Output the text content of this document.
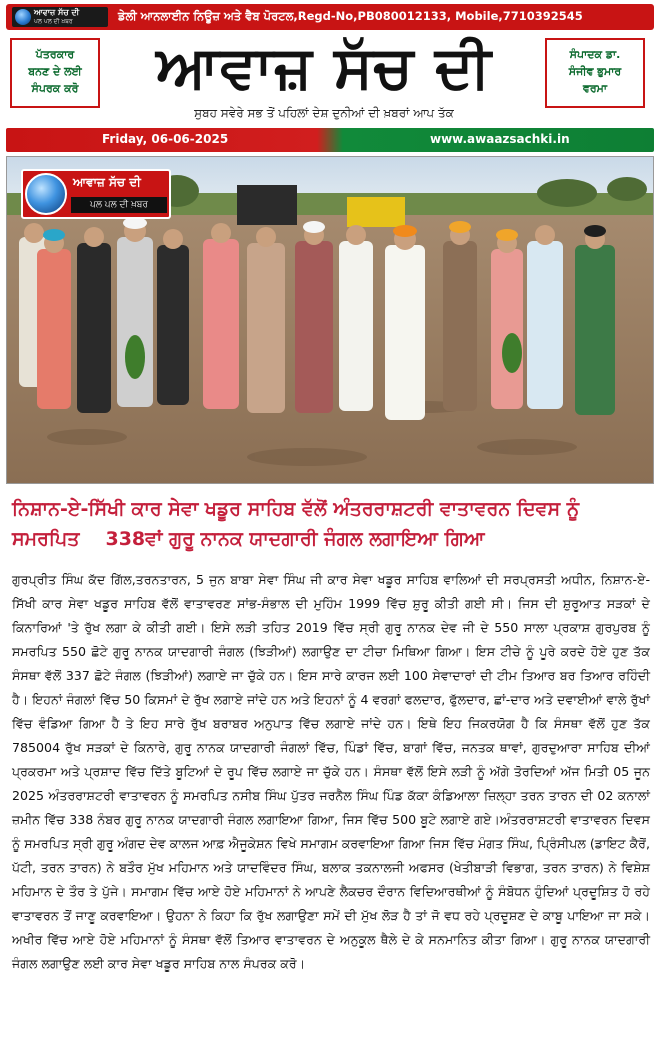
ਆਵਾਜ਼ ਸੱਚ ਦੀ
ਪਲ ਪਲ ਦੀ ਖ਼ਬਰ	ਡੇਲੀ ਆਨਲਾਈਨ ਨਿਊਜ਼ ਅਤੇ ਵੈਬ ਪੋਰਟਲ,Regd-No,PB080012133, Mobile,7710392545
ਪੱਤਰਕਾਰ
ਬਨਣ ਦੇ ਲਈ
ਸੰਪਰਕ ਕਰੋ	ਆਵਾਜ਼ ਸੱਚ ਦੀ	ਸੰਪਾਦਕ ਡਾ.
ਸੰਜੀਵ ਭੁਮਾਰ
ਵਰਮਾ
ਸੁਬਹ ਸਵੇਰੇ ਸਭ ਤੋਂ ਪਹਿਲਾਂ ਦੇਸ਼ ਦੁਨੀਆਂ ਦੀ ਖ਼ਬਰਾਂ ਆਪ ਤੱਕ
Friday, 06-06-2025	www.awaazsachki.in
ਆਵਾਜ਼ ਸੱਚ ਦੀ
ਪਲ ਪਲ ਦੀ ਖ਼ਬਰ
ਨਿਸ਼ਾਨ-ਏ-ਸਿੱਖੀ ਕਾਰ ਸੇਵਾ ਖਡੂਰ ਸਾਹਿਬ ਵੱਲੋਂ ਅੰਤਰਰਾਸ਼ਟਰੀ ਵਾਤਾਵਰਨ ਦਿਵਸ ਨੂੰ
ਸਮਰਪਿਤ 338ਵਾਂ ਗੁਰੂ ਨਾਨਕ ਯਾਦਗਾਰੀ ਜੰਗਲ ਲਗਾਇਆ ਗਿਆ
ਗੁਰਪ੍ਰੀਤ ਸਿੰਘ ਕੱਦ ਗਿੱਲ,ਤਰਨਤਾਰਨ, 5 ਜੁਨ ਬਾਬਾ ਸੇਵਾ ਸਿੰਘ ਜੀ ਕਾਰ ਸੇਵਾ ਖਡੂਰ ਸਾਹਿਬ ਵਾਲਿਆਂ ਦੀ ਸਰਪ੍ਰਸਤੀ ਅਧੀਨ, ਨਿਸ਼ਾਨ-ਏ-ਸਿੱਖੀ ਕਾਰ ਸੇਵਾ ਖਡੂਰ ਸਾਹਿਬ ਵੱਲੋਂ ਵਾਤਾਵਰਣ ਸਾਂਭ-ਸੰਭਾਲ ਦੀ ਮੁਹਿੰਮ 1999 ਵਿੱਚ ਸ਼ੁਰੂ ਕੀਤੀ ਗਈ ਸੀ। ਜਿਸ ਦੀ ਸ਼ੁਰੂਆਤ ਸੜਕਾਂ ਦੇ ਕਿਨਾਰਿਆਂ 'ਤੇ ਰੁੱਖ ਲਗਾ ਕੇ ਕੀਤੀ ਗਈ। ਇਸੇ ਲੜੀ ਤਹਿਤ 2019 ਵਿੱਚ ਸ੍ਰੀ ਗੁਰੂ ਨਾਨਕ ਦੇਵ ਜੀ ਦੇ 550 ਸਾਲਾ ਪ੍ਰਕਾਸ਼ ਗੁਰਪੁਰਬ ਨੂੰ ਸਮਰਪਿਤ 550 ਛੋਟੇ ਗੁਰੂ ਨਾਨਕ ਯਾਦਗਾਰੀ ਜੰਗਲ (ਝਿੜੀਆਂ) ਲਗਾਉਣ ਦਾ ਟੀਚਾ ਮਿਥਿਆ ਗਿਆ। ਇਸ ਟੀਚੇ ਨੂੰ ਪੂਰੇ ਕਰਦੇ ਹੋਏ ਹੁਣ ਤੱਕ ਸੰਸਥਾ ਵੱਲੋਂ 337 ਛੋਟੇ ਜੰਗਲ (ਝਿੜੀਆਂ) ਲਗਾਏ ਜਾ ਚੁੱਕੇ ਹਨ। ਇਸ ਸਾਰੇ ਕਾਰਜ ਲਈ 100 ਸੇਵਾਦਾਰਾਂ ਦੀ ਟੀਮ ਤਿਆਰ ਬਰ ਤਿਆਰ ਰਹਿੰਦੀ ਹੈ। ਇਹਨਾਂ ਜੰਗਲਾਂ ਵਿੱਚ 50 ਕਿਸਮਾਂ ਦੇ ਰੁੱਖ ਲਗਾਏ ਜਾਂਦੇ ਹਨ ਅਤੇ ਇਹਨਾਂ ਨੂੰ 4 ਵਰਗਾਂ ਫਲਦਾਰ, ਫੁੱਲਦਾਰ, ਛਾਂ-ਦਾਰ ਅਤੇ ਦਵਾਈਆਂ ਵਾਲੇ ਰੁੱਖਾਂ ਵਿੱਚ ਵੰਡਿਆ ਗਿਆ ਹੈ ਤੇ ਇਹ ਸਾਰੇ ਰੁੱਖ ਬਰਾਬਰ ਅਨੁਪਾਤ ਵਿੱਚ ਲਗਾਏ ਜਾਂਦੇ ਹਨ। ਇਥੇ ਇਹ ਜਿਕਰਯੋਗ ਹੈ ਕਿ ਸੰਸਥਾ ਵੱਲੋਂ ਹੁਣ ਤੱਕ 785004 ਰੁੱਖ ਸੜਕਾਂ ਦੇ ਕਿਨਾਰੇ, ਗੁਰੂ ਨਾਨਕ ਯਾਦਗਾਰੀ ਜੰਗਲਾਂ ਵਿੱਚ, ਪਿੰਡਾਂ ਵਿੱਚ, ਬਾਗਾਂ ਵਿੱਚ, ਜਨਤਕ ਥਾਵਾਂ, ਗੁਰਦੁਆਰਾ ਸਾਹਿਬ ਦੀਆਂ ਪ੍ਰਕਰਮਾ ਅਤੇ ਪ੍ਰਸ਼ਾਦ ਵਿੱਚ ਦਿੱਤੇ ਬੂਟਿਆਂ ਦੇ ਰੂਪ ਵਿੱਚ ਲਗਾਏ ਜਾ ਚੁੱਕੇ ਹਨ। ਸੰਸਥਾ ਵੱਲੋਂ ਇਸੇ ਲੜੀ ਨੂੰ ਅੱਗੇ ਤੋਰਦਿਆਂ ਅੱਜ ਮਿਤੀ 05 ਜੂਨ 2025 ਅੰਤਰਰਾਸ਼ਟਰੀ ਵਾਤਾਵਰਨ ਨੂੰ ਸਮਰਪਿਤ ਨਸੀਬ ਸਿੰਘ ਪੁੱਤਰ ਜਰਨੈਲ ਸਿੰਘ ਪਿੰਡ ਕੱਕਾ ਕੰਡਿਆਲਾ ਜ਼ਿਲ੍ਹਾ ਤਰਨ ਤਾਰਨ ਦੀ 02 ਕਨਾਲਾਂ ਜ਼ਮੀਨ ਵਿੱਚ 338 ਨੰਬਰ ਗੁਰੂ ਨਾਨਕ ਯਾਦਗਾਰੀ ਜੰਗਲ ਲਗਾਇਆ ਗਿਆ, ਜਿਸ ਵਿੱਚ 500 ਬੂਟੇ ਲਗਾਏ ਗਏ।ਅੰਤਰਰਾਸ਼ਟਰੀ ਵਾਤਾਵਰਨ ਦਿਵਸ ਨੂੰ ਸਮਰਪਿਤ ਸ੍ਰੀ ਗੁਰੂ ਅੰਗਦ ਦੇਵ ਕਾਲਜ ਆਫ਼ ਐਜੂਕੇਸ਼ਨ ਵਿਖੇ ਸਮਾਗਮ ਕਰਵਾਇਆ ਗਿਆ ਜਿਸ ਵਿੱਚ ਮੰਗਤ ਸਿੰਘ, ਪ੍ਰਿੰਸੀਪਲ (ਡਾਇਟ ਕੈਰੋਂ, ਪੱਟੀ, ਤਰਨ ਤਾਰਨ) ਨੇ ਬਤੌਰ ਮੁੱਖ ਮਹਿਮਾਨ ਅਤੇ ਯਾਦਵਿੰਦਰ ਸਿੰਘ, ਬਲਾਕ ਤਕਨਾਲਜੀ ਅਫਸਰ (ਖੇਤੀਬਾੜੀ ਵਿਭਾਗ, ਤਰਨ ਤਾਰਨ) ਨੇ ਵਿਸ਼ੇਸ਼ ਮਹਿਮਾਨ ਦੇ ਤੌਰ ਤੇ ਪੁੱਜੇ। ਸਮਾਗਮ ਵਿੱਚ ਆਏ ਹੋਏ ਮਹਿਮਾਨਾਂ ਨੇ ਆਪਣੇ ਲੈਕਚਰ ਦੌਰਾਨ ਵਿਦਿਆਰਥੀਆਂ ਨੂੰ ਸੰਬੋਧਨ ਹੁੰਦਿਆਂ ਪ੍ਰਦੂਸ਼ਿਤ ਹੋ ਰਹੇ ਵਾਤਾਵਰਨ ਤੋਂ ਜਾਣੂ ਕਰਵਾਇਆ। ਉਹਨਾ ਨੇ ਕਿਹਾ ਕਿ ਰੁੱਖ ਲਗਾਉਣਾ ਸਮੇਂ ਦੀ ਮੁੱਖ ਲੋੜ ਹੈ ਤਾਂ ਜੋ ਵਧ ਰਹੇ ਪ੍ਰਦੂਸ਼ਣ ਦੇ ਕਾਬੂ ਪਾਇਆ ਜਾ ਸਕੇ। ਅਖੀਰ ਵਿੱਚ ਆਏ ਹੋਏ ਮਹਿਮਾਨਾਂ ਨੂੰ ਸੰਸਥਾ ਵੱਲੋਂ ਤਿਆਰ ਵਾਤਾਵਰਨ ਦੇ ਅਨੁਕੂਲ ਥੈਲੇ ਦੇ ਕੇ ਸਨਮਾਨਿਤ ਕੀਤਾ ਗਿਆ। ਗੁਰੂ ਨਾਨਕ ਯਾਦਗਾਰੀ ਜੰਗਲ ਲਗਾਉਣ ਲਈ ਕਾਰ ਸੇਵਾ ਖਡੂਰ ਸਾਹਿਬ ਨਾਲ ਸੰਪਰਕ ਕਰੋ।
